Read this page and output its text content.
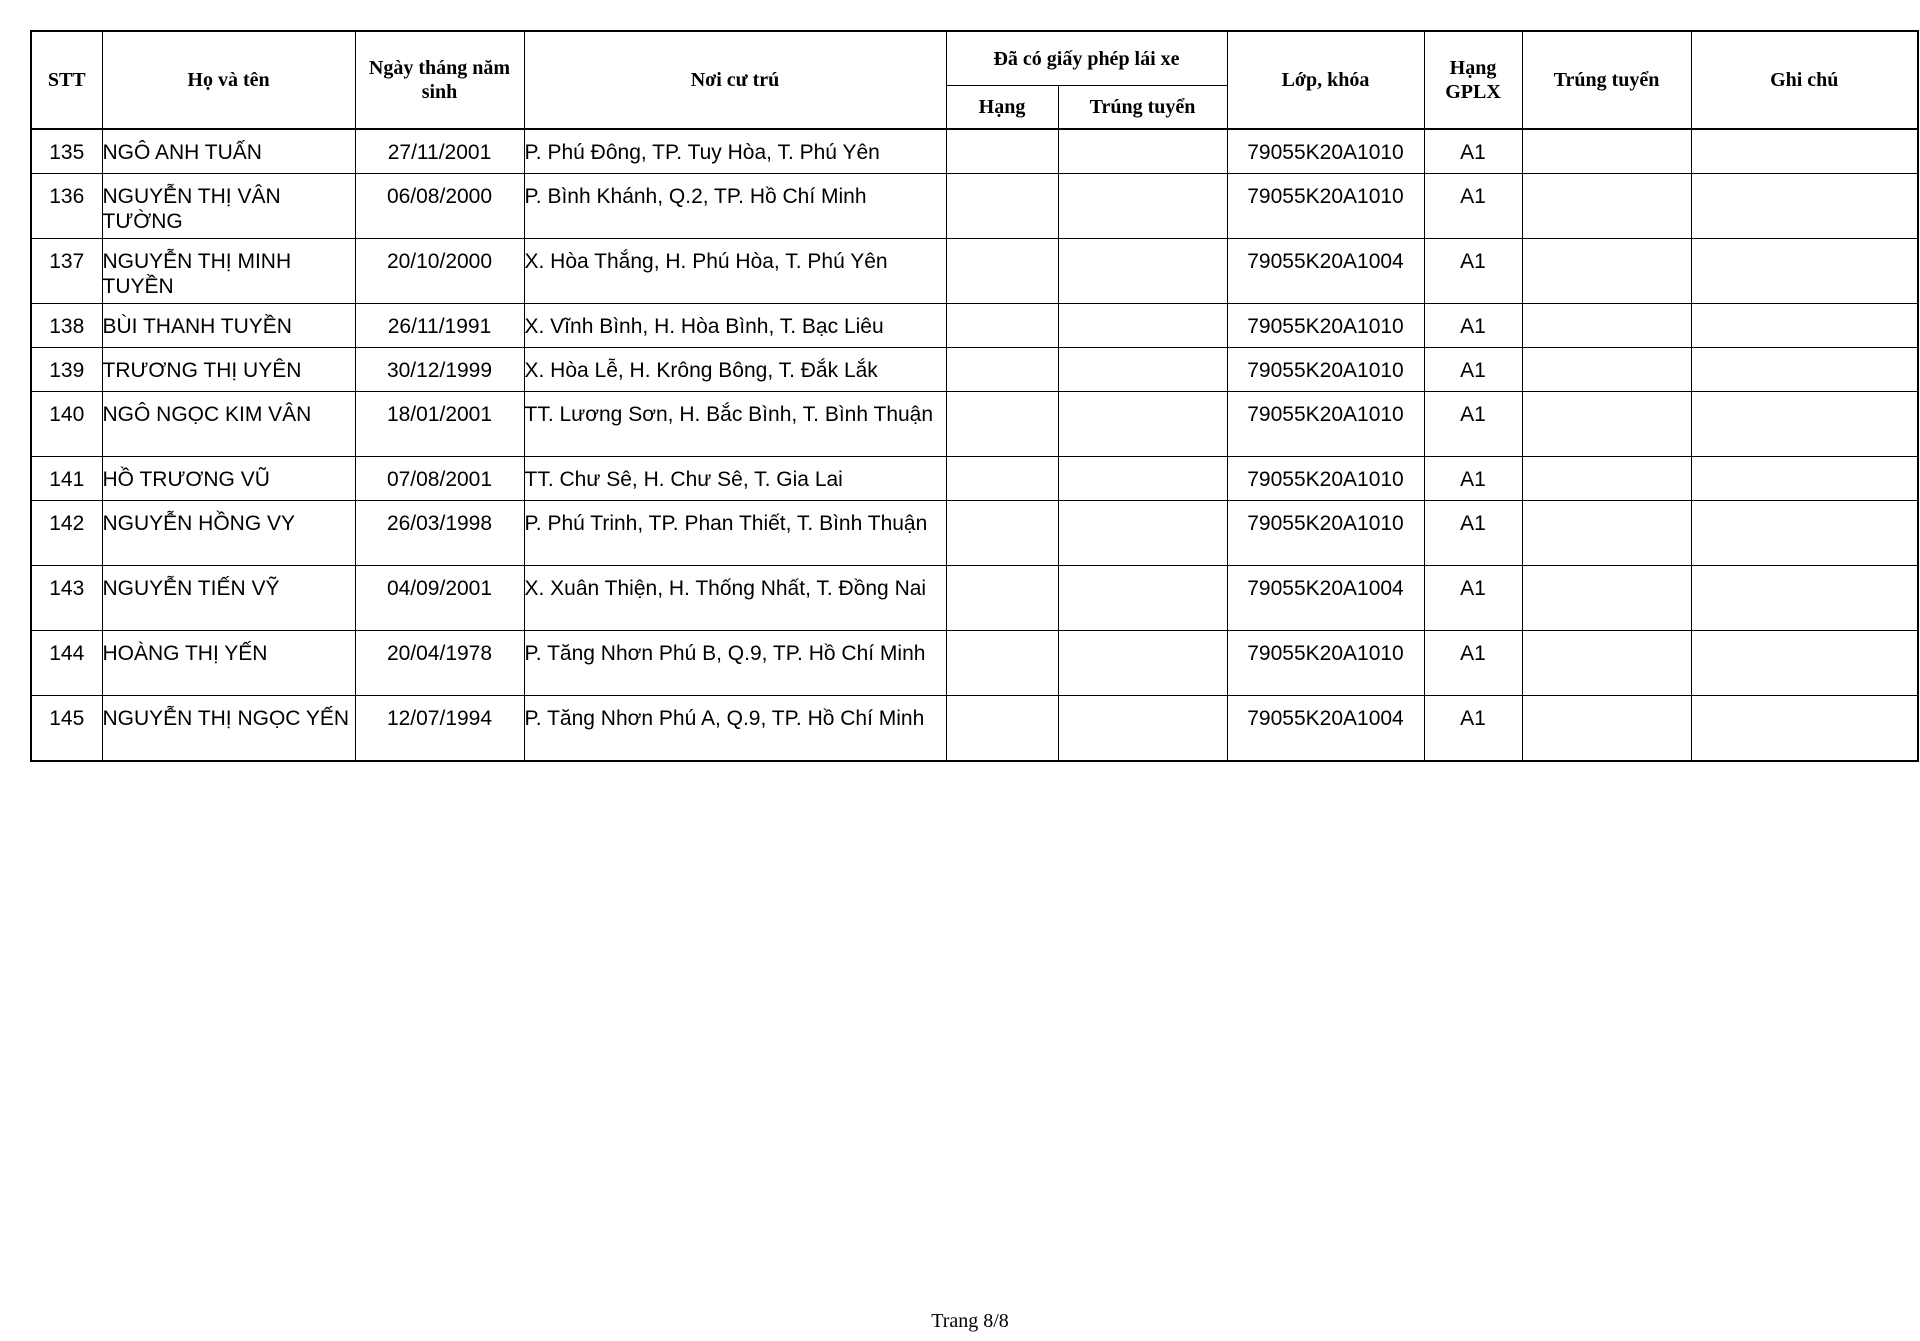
STT	Họ và tên	Ngày tháng năm sinh	Nơi cư trú	Đã có giấy phép lái xe		Lớp, khóa	Hạng GPLX	Trúng tuyển	Ghi chú
				Hạng	Trúng tuyển				
135	NGÔ ANH TUẤN	27/11/2001	P. Phú Đông, TP. Tuy Hòa, T. Phú Yên			79055K20A1010	A1		
136	NGUYỄN THỊ VÂN TƯỜNG	06/08/2000	P. Bình Khánh, Q.2, TP. Hồ Chí Minh			79055K20A1010	A1		
137	NGUYỄN THỊ MINH TUYỀN	20/10/2000	X. Hòa Thắng, H. Phú Hòa, T. Phú Yên			79055K20A1004	A1		
138	BÙI THANH TUYỀN	26/11/1991	X. Vĩnh Bình, H. Hòa Bình, T. Bạc Liêu			79055K20A1010	A1		
139	TRƯƠNG THỊ UYÊN	30/12/1999	X. Hòa Lễ, H. Krông Bông, T. Đắk Lắk			79055K20A1010	A1		
140	NGÔ NGỌC KIM VÂN	18/01/2001	TT. Lương Sơn, H. Bắc Bình, T. Bình Thuận			79055K20A1010	A1		
141	HỒ TRƯƠNG VŨ	07/08/2001	TT. Chư Sê, H. Chư Sê, T. Gia Lai			79055K20A1010	A1		
142	NGUYỄN HỒNG VY	26/03/1998	P. Phú Trinh, TP. Phan Thiết, T. Bình Thuận			79055K20A1010	A1		
143	NGUYỄN TIẾN VỸ	04/09/2001	X. Xuân Thiện, H. Thống Nhất, T. Đồng Nai			79055K20A1004	A1		
144	HOÀNG THỊ YẾN	20/04/1978	P. Tăng Nhơn Phú B, Q.9, TP. Hồ Chí Minh			79055K20A1010	A1		
145	NGUYỄN THỊ NGỌC YẾN	12/07/1994	P. Tăng Nhơn Phú A, Q.9, TP. Hồ Chí Minh			79055K20A1004	A1		
Trang 8/8
